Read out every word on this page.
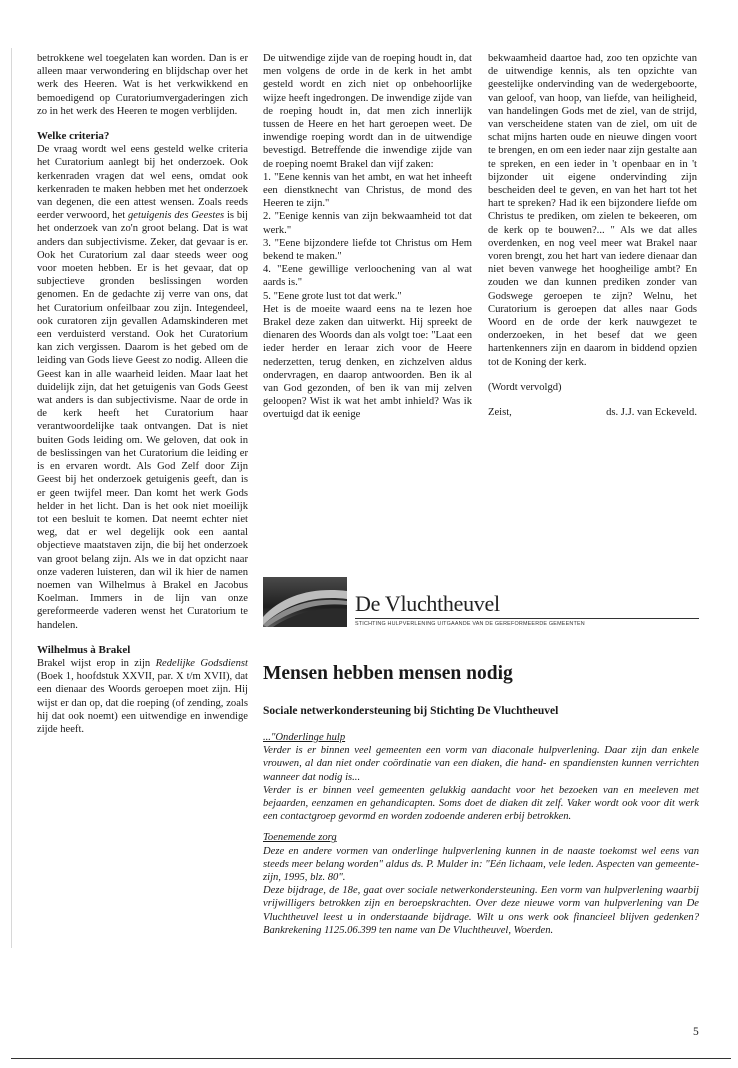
betrokkene wel toegelaten kan worden. Dan is er alleen maar verwondering en blijdschap over het werk des Heeren. Wat is het verkwikkend en bemoedigend op Curatoriumvergaderingen zich zo in het werk des Heeren te mogen verblijden.

Welke criteria?

De vraag wordt wel eens gesteld welke criteria het Curatorium aanlegt bij het onderzoek. Ook kerkenraden vragen dat wel eens, omdat ook kerkenraden te maken hebben met het onderzoek van degenen, die een attest wensen. Zoals reeds eerder verwoord, het getuigenis des Geestes is bij het onderzoek van zo'n groot belang. Dat is wat anders dan subjectivisme. Zeker, dat gevaar is er. Ook het Curatorium zal daar steeds weer oog voor moeten hebben. Er is het gevaar, dat op subjectieve gronden beslissingen worden genomen. En de gedachte zij verre van ons, dat het Curatorium onfeilbaar zou zijn. Integendeel, ook curatoren zijn gevallen Adamskinderen met een verduisterd verstand. Ook het Curatorium kan zich vergissen. Daarom is het gebed om de leiding van Gods lieve Geest zo nodig. Alleen die Geest kan in alle waarheid leiden. Maar laat het duidelijk zijn, dat het getuigenis van Gods Geest wat anders is dan subjectivisme. Naar de orde in de kerk heeft het Curatorium haar verantwoordelijke taak ontvangen. Dat is niet buiten Gods leiding om. We geloven, dat ook in de beslissingen van het Curatorium die leiding er is en ervaren wordt. Als God Zelf door Zijn Geest bij het onderzoek getuigenis geeft, dan is er geen twijfel meer. Dan komt het werk Gods helder in het licht. Dan is het ook niet moeilijk tot een besluit te komen. Dat neemt echter niet weg, dat er wel degelijk ook een aantal objectieve maatstaven zijn, die bij het onderzoek van groot belang zijn. Als we in dat opzicht naar onze vaderen luisteren, dan wil ik hier de namen noemen van Wilhelmus à Brakel en Jacobus Koelman. Immers in de lijn van onze gereformeerde vaderen wenst het Curatorium te handelen.

Wilhelmus à Brakel

Brakel wijst erop in zijn Redelijke Godsdienst (Boek 1, hoofdstuk XXVII, par. X t/m XVII), dat een dienaar des Woords geroepen moet zijn. Hij wijst er dan op, dat die roeping (of zending, zoals hij dat ook noemt) een uitwendige en inwendige zijde heeft.

De uitwendige zijde van de roeping houdt in, dat men volgens de orde in de kerk in het ambt gesteld wordt en zich niet op onbehoorlijke wijze heeft ingedrongen. De inwendige zijde van de roeping houdt in, dat men zich innerlijk tussen de Heere en het hart geroepen weet. De inwendige roeping wordt dan in de uitwendige bevestigd. Betreffende die inwendige zijde van de roeping noemt Brakel dan vijf zaken:

1. "Eene kennis van het ambt, en wat het inheeft een dienstknecht van Christus, de mond des Heeren te zijn."

2. "Eenige kennis van zijn bekwaamheid tot dat werk."

3. "Eene bijzondere liefde tot Christus om Hem bekend te maken."

4. "Eene gewillige verloochening van al wat aards is."

5. "Eene grote lust tot dat werk."

Het is de moeite waard eens na te lezen hoe Brakel deze zaken dan uitwerkt. Hij spreekt de dienaren des Woords dan als volgt toe: "Laat een ieder herder en leraar zich voor de Heere nederzetten, terug denken, en zichzelven aldus ondervragen, en daarop antwoorden. Ben ik al van God gezonden, of ben ik van mij zelven geloopen? Wist ik wat het ambt inhield? Was ik overtuigd dat ik eenige

bekwaamheid daartoe had, zoo ten opzichte van de uitwendige kennis, als ten opzichte van geestelijke ondervinding van de wedergeboorte, van geloof, van hoop, van liefde, van heiligheid, van handelingen Gods met de ziel, van de strijd, van verscheidene staten van de ziel, om uit de schat mijns harten oude en nieuwe dingen voort te brengen, en om een ieder naar zijn gestalte aan te spreken, en een ieder in 't openbaar en in 't bijzonder uit eigene ondervinding zijn bescheiden deel te geven, en van het hart tot het hart te spreken? Had ik een bijzondere liefde om Christus te prediken, om zielen te bekeeren, om de kerk op te bouwen?... " Als we dat alles overdenken, en nog veel meer wat Brakel naar voren brengt, zou het hart van iedere dienaar dan niet beven vanwege het hoogheilige ambt? En zouden we dan kunnen prediken zonder van Godswege geroepen te zijn? Welnu, het Curatorium is geroepen dat alles naar Gods Woord en de orde der kerk nauwgezet te onderzoeken, in het besef dat we geen hartenkenners zijn en daarom in biddend opzien tot de Koning der kerk.

(Wordt vervolgd)

Zeist,	ds. J.J. van Eckeveld.
De Vluchtheuvel
STICHTING HULPVERLENING UITGAANDE VAN DE GEREFORMEERDE GEMEENTEN
Mensen hebben mensen nodig
Sociale netwerkondersteuning bij Stichting De Vluchtheuvel

..."Onderlinge hulp

Verder is er binnen veel gemeenten een vorm van diaconale hulpverlening. Daar zijn dan enkele vrouwen, al dan niet onder coördinatie van een diaken, die hand- en spandiensten kunnen verrichten wanneer dat nodig is...

Verder is er binnen veel gemeenten gelukkig aandacht voor het bezoeken van en meeleven met bejaarden, eenzamen en gehandicapten. Soms doet de diaken dit zelf. Vaker wordt ook voor dit werk een contactgroep gevormd en worden zodoende anderen erbij betrokken.

Toenemende zorg

Deze en andere vormen van onderlinge hulpverlening kunnen in de naaste toekomst wel eens van steeds meer belang worden" aldus ds. P. Mulder in: "Eén lichaam, vele leden. Aspecten van gemeente-zijn, 1995, blz. 80".

Deze bijdrage, de 18e, gaat over sociale netwerkondersteuning. Een vorm van hulpverlening waarbij vrijwilligers betrokken zijn en beroepskrachten. Over deze nieuwe vorm van hulpverlening van De Vluchtheuvel leest u in onderstaande bijdrage. Wilt u ons werk ook financieel blijven gedenken? Bankrekening 1125.06.399 ten name van De Vluchtheuvel, Woerden.

5
